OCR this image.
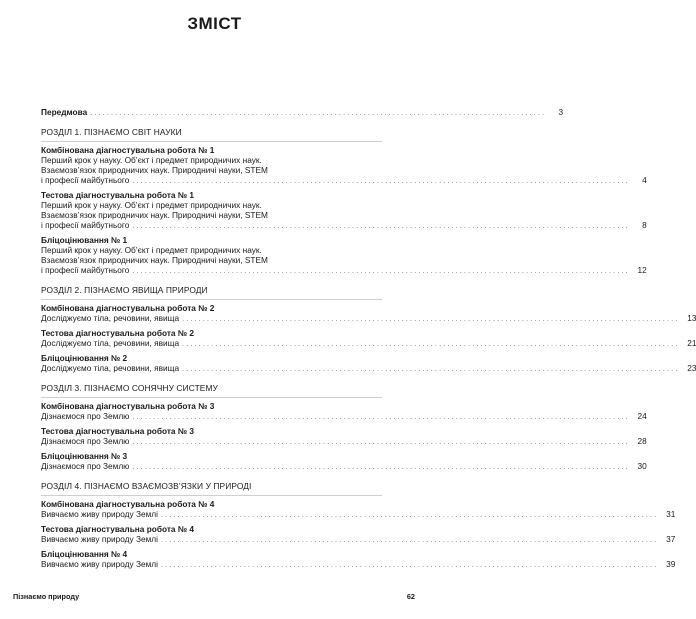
ЗМІСТ
Передмова ..............................................................................................................	3
РОЗДІЛ 1. ПІЗНАЄМО СВІТ НАУКИ
Комбінована діагностувальна робота № 1
Перший крок у науку. Об’єкт і предмет природничих наук.
Взаємозв’язок природничих наук. Природничі науки, STEM
і професії майбутнього ........................................................................................................................	4
Тестова діагностувальна робота № 1
Перший крок у науку. Об’єкт і предмет природничих наук.
Взаємозв’язок природничих наук. Природничі науки, STEM
і професії майбутнього ........................................................................................................................	8
Бліцоцінювання № 1
Перший крок у науку. Об’єкт і предмет природничих наук.
Взаємозв’язок природничих наук. Природничі науки, STEM
і професії майбутнього ........................................................................................................................ 12
РОЗДІЛ 2. ПІЗНАЄМО ЯВИЩА ПРИРОДИ
Комбінована діагностувальна робота № 2
Досліджуємо тіла, речовини, явища ........................................................................................................................ 13
Тестова діагностувальна робота № 2
Досліджуємо тіла, речовини, явища ........................................................................................................................ 21
Бліцоцінювання № 2
Досліджуємо тіла, речовини, явища ........................................................................................................................ 23
РОЗДІЛ 3. ПІЗНАЄМО СОНЯЧНУ СИСТЕМУ
Комбінована діагностувальна робота № 3
Дізнаємося про Землю ........................................................................................................................ 24
Тестова діагностувальна робота № 3
Дізнаємося про Землю ........................................................................................................................ 28
Бліцоцінювання № 3
Дізнаємося про Землю ........................................................................................................................ 30
РОЗДІЛ 4. ПІЗНАЄМО ВЗАЄМОЗВ’ЯЗКИ У ПРИРОДІ
Комбінована діагностувальна робота № 4
Вивчаємо живу природу Землі ........................................................................................................................ 31
Тестова діагностувальна робота № 4
Вивчаємо живу природу Землі ........................................................................................................................ 37
Бліцоцінювання № 4
Вивчаємо живу природу Землі ........................................................................................................................ 39
Пізнаємо природу	62
